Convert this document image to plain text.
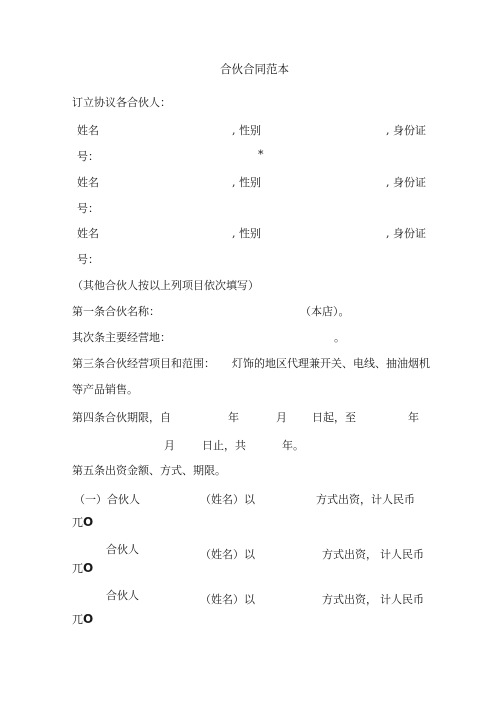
合伙合同范本
订立协议各合伙人：
姓名	, 性别	, 身份证
号：	*
姓名	, 性别	, 身份证
号：
姓名	, 性别	, 身份证
号：
（其他合伙人按以上列项目依次填写）
第一条合伙名称：	（本店）。
其次条主要经营地：	。
第三条合伙经营项目和范围： 灯饰的地区代理兼开关、电线、抽油烟机
等产品销售。
第四条合伙期限，自	年	月 日起，至	年
月 日止，共	年。
第五条出资金额、方式、期限。
（一）合伙人	（姓名）以	方式出资，计人民币
兀O
合伙人	（姓名）以	方式出资， 计人民币
兀O
合伙人	（姓名）以	方式出资， 计人民币
兀O
